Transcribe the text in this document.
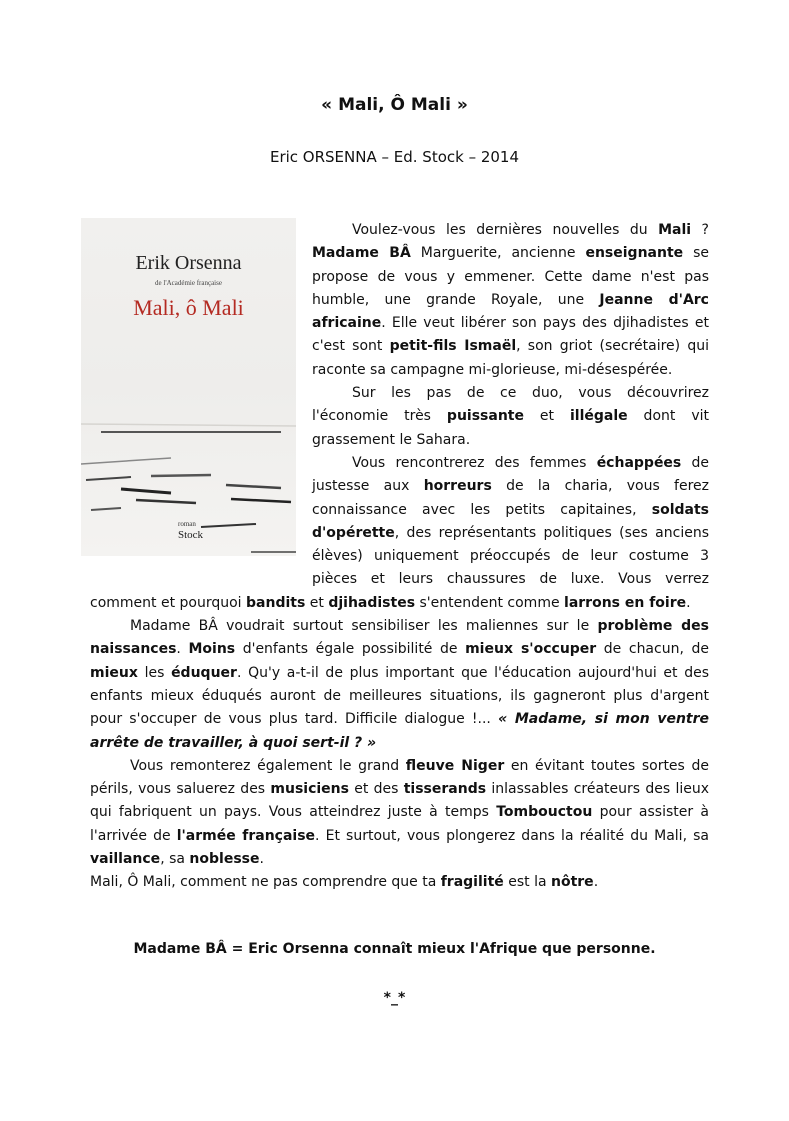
« Mali, Ô Mali »
Eric ORSENNA – Ed. Stock – 2014
Erik Orsenna
de l'Académie française
Mali, ô Mali
roman
Stock

Voulez-vous les dernières nouvelles du Mali ? Madame BÂ Marguerite, ancienne enseignante se propose de vous y emmener. Cette dame n'est pas humble, une grande Royale, une Jeanne d'Arc africaine. Elle veut libérer son pays des djihadistes et c'est sont petit-fils Ismaël, son griot (secrétaire) qui raconte sa campagne mi-glorieuse, mi-désespérée.

Sur les pas de ce duo, vous découvrirez l'économie très puissante et illégale dont vit grassement le Sahara.

Vous rencontrerez des femmes échappées de justesse aux horreurs de la charia, vous ferez connaissance avec les petits capitaines, soldats d'opérette, des représentants politiques (ses anciens élèves) uniquement préoccupés de leur costume 3 pièces et leurs chaussures de luxe. Vous verrez comment et pourquoi bandits et djihadistes s'entendent comme larrons en foire.

Madame BÂ voudrait surtout sensibiliser les maliennes sur le problème des naissances. Moins d'enfants égale possibilité de mieux s'occuper de chacun, de mieux les éduquer. Qu'y a-t-il de plus important que l'éducation aujourd'hui et des enfants mieux éduqués auront de meilleures situations, ils gagneront plus d'argent pour s'occuper de vous plus tard. Difficile dialogue !... « Madame, si mon ventre arrête de travailler, à quoi sert-il ? »

Vous remonterez également le grand fleuve Niger en évitant toutes sortes de périls, vous saluerez des musiciens et des tisserands inlassables créateurs des lieux qui fabriquent un pays. Vous atteindrez juste à temps Tombouctou pour assister à l'arrivée de l'armée française. Et surtout, vous plongerez dans la réalité du Mali, sa vaillance, sa noblesse.

Mali, Ô Mali, comment ne pas comprendre que ta fragilité est la nôtre.

Madame BÂ = Eric Orsenna connaît mieux l'Afrique que personne.
*_*
